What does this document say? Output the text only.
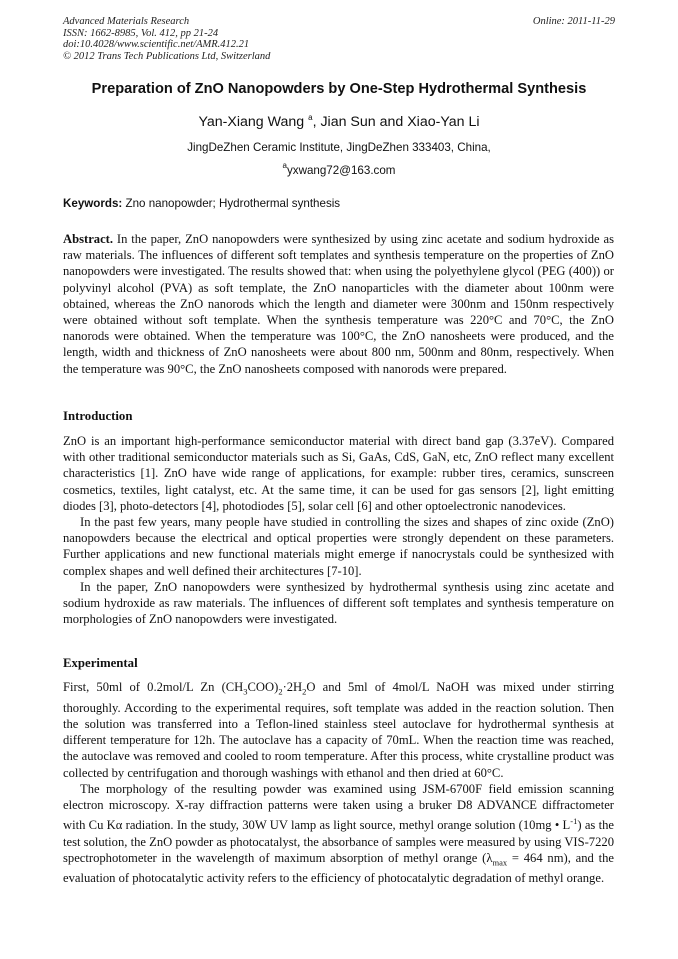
Advanced Materials Research
ISSN: 1662-8985, Vol. 412, pp 21-24
doi:10.4028/www.scientific.net/AMR.412.21
© 2012 Trans Tech Publications Ltd, Switzerland
Online: 2011-11-29
Preparation of ZnO Nanopowders by One-Step Hydrothermal Synthesis
Yan-Xiang Wang $^a$, Jian Sun and Xiao-Yan Li
JingDeZhen Ceramic Institute, JingDeZhen 333403, China,
$^a$yxwang72@163.com
Keywords: Zno nanopowder; Hydrothermal synthesis

Abstract. In the paper, ZnO nanopowders were synthesized by using zinc acetate and sodium hydroxide as raw materials. The influences of different soft templates and synthesis temperature on the properties of ZnO nanopowders were investigated. The results showed that: when using the polyethylene glycol (PEG (400)) or polyvinyl alcohol (PVA) as soft template, the ZnO nanoparticles with the diameter about 100nm were obtained, whereas the ZnO nanorods which the length and diameter were 300nm and 150nm respectively were obtained without soft template. When the synthesis temperature was 220°C and 70°C, the ZnO nanorods were obtained. When the temperature was 100°C, the ZnO nanosheets were produced, and the length, width and thickness of ZnO nanosheets were about 800 nm, 500nm and 80nm, respectively. When the temperature was 90°C, the ZnO nanosheets composed with nanorods were prepared.

Introduction

ZnO is an important high-performance semiconductor material with direct band gap (3.37eV). Compared with other traditional semiconductor materials such as Si, GaAs, CdS, GaN, etc, ZnO reflect many excellent characteristics [1]. ZnO have wide range of applications, for example: rubber tires, ceramics, sunscreen cosmetics, textiles, light catalyst, etc. At the same time, it can be used for gas sensors [2], light emitting diodes [3], photo-detectors [4], photodiodes [5], solar cell [6] and other optoelectronic nanodevices.

In the past few years, many people have studied in controlling the sizes and shapes of zinc oxide (ZnO) nanopowders because the electrical and optical properties were strongly dependent on these parameters. Further applications and new functional materials might emerge if nanocrystals could be synthesized with complex shapes and well defined their architectures [7-10].

In the paper, ZnO nanopowders were synthesized by hydrothermal synthesis using zinc acetate and sodium hydroxide as raw materials. The influences of different soft templates and synthesis temperature on morphologies of ZnO nanopowders were investigated.

Experimental

First, 50ml of 0.2mol/L Zn $(CH_3COO)_2\cdot 2H_2O$ and 5ml of 4mol/L NaOH was mixed under stirring thoroughly. According to the experimental requires, soft template was added in the reaction solution. Then the solution was transferred into a Teflon-lined stainless steel autoclave for hydrothermal synthesis at different temperature for 12h. The autoclave has a capacity of 70mL. When the reaction time was reached, the autoclave was removed and cooled to room temperature. After this process, white crystalline product was collected by centrifugation and thorough washings with ethanol and then dried at 60°C.

The morphology of the resulting powder was examined using JSM-6700F field emission scanning electron microscopy. X-ray diffraction patterns were taken using a bruker D8 ADVANCE diffractometer with Cu Kα radiation. In the study, 30W UV lamp as light source, methyl orange solution (10mg • $L^{-1}$) as the test solution, the ZnO powder as photocatalyst, the absorbance of samples were measured by using VIS-7220 spectrophotometer in the wavelength of maximum absorption of methyl orange ($\lambda_{max} = 464$ nm), and the evaluation of photocatalytic activity refers to the efficiency of photocatalytic degradation of methyl orange.
